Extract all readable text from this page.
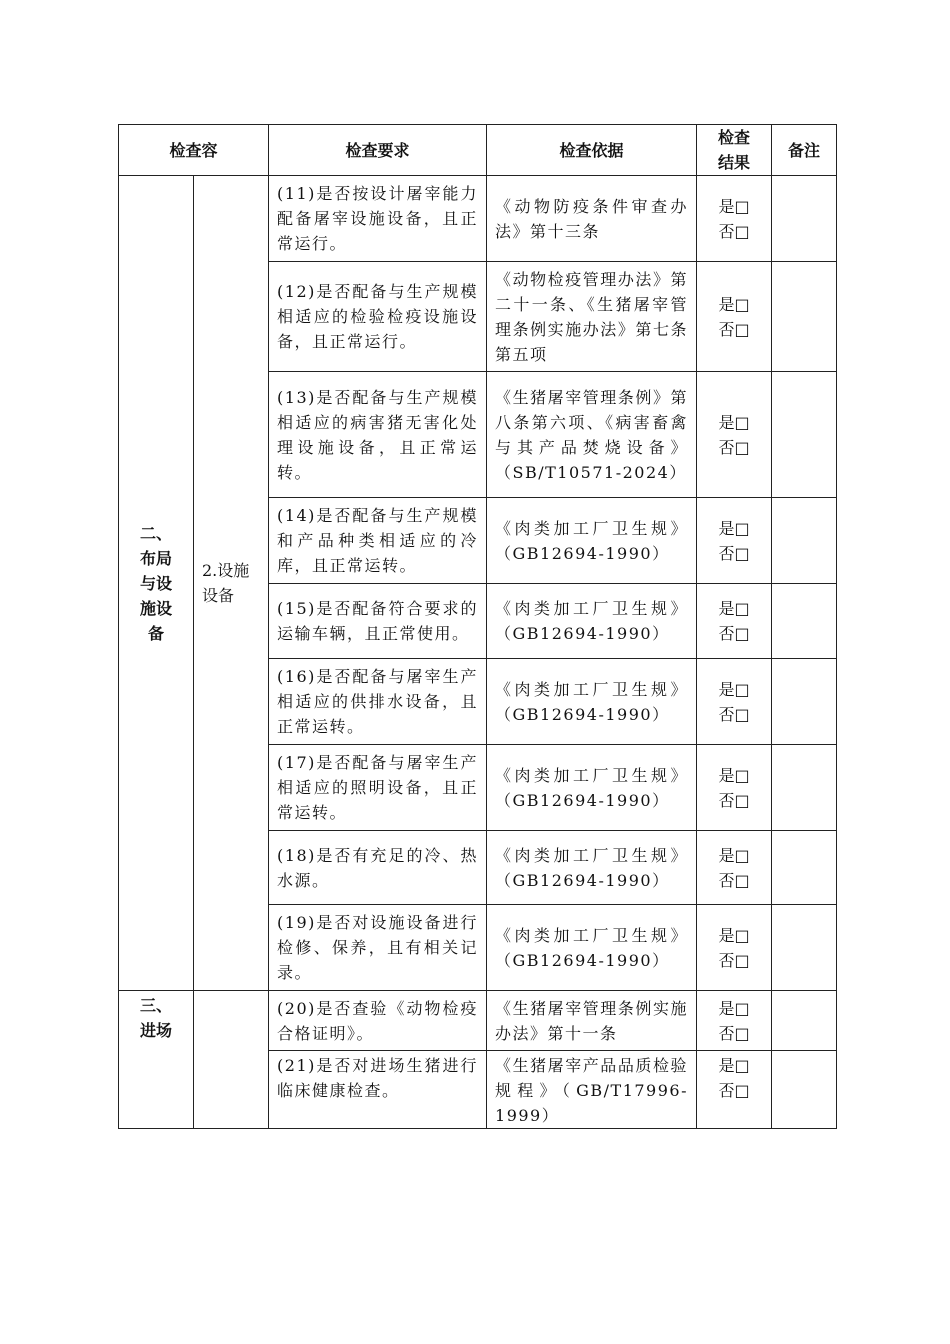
检查容		检查要求	检查依据	检查结果	备注
二、布局与设施设备	2.设施设备	(11)是否按设计屠宰能力配备屠宰设施设备，且正常运行。	《动物防疫条件审查办法》第十三条	是□
否□	

		(12)是否配备与生产规模相适应的检验检疫设施设备，且正常运行。	《动物检疫管理办法》第二十一条、《生猪屠宰管理条例实施办法》第七条第五项	是□
否□	

		(13)是否配备与生产规模相适应的病害猪无害化处理设施设备，且正常运转。	《生猪屠宰管理条例》第八条第六项、《病害畜禽与其产品焚烧设备》（SB/T10571-2024）	是□
否□	

		(14)是否配备与生产规模和产品种类相适应的冷库，且正常运转。	《肉类加工厂卫生规》（GB12694-1990）	是□
否□	

		(15)是否配备符合要求的运输车辆，且正常使用。	《肉类加工厂卫生规》（GB12694-1990）	是□
否□	

		(16)是否配备与屠宰生产相适应的供排水设备，且正常运转。	《肉类加工厂卫生规》（GB12694-1990）	是□
否□	

		(17)是否配备与屠宰生产相适应的照明设备，且正常运转。	《肉类加工厂卫生规》（GB12694-1990）	是□
否□	

		(18)是否有充足的冷、热水源。	《肉类加工厂卫生规》（GB12694-1990）	是□
否□	

		(19)是否对设施设备进行检修、保养，且有相关记录。	《肉类加工厂卫生规》（GB12694-1990）	是□
否□	

三、进场		(20)是否查验《动物检疫合格证明》。	《生猪屠宰管理条例实施办法》第十一条	是□
否□	

		(21)是否对进场生猪进行临床健康检查。	《生猪屠宰产品品质检验规程》（GB/T17996-1999）	是□
否□	
